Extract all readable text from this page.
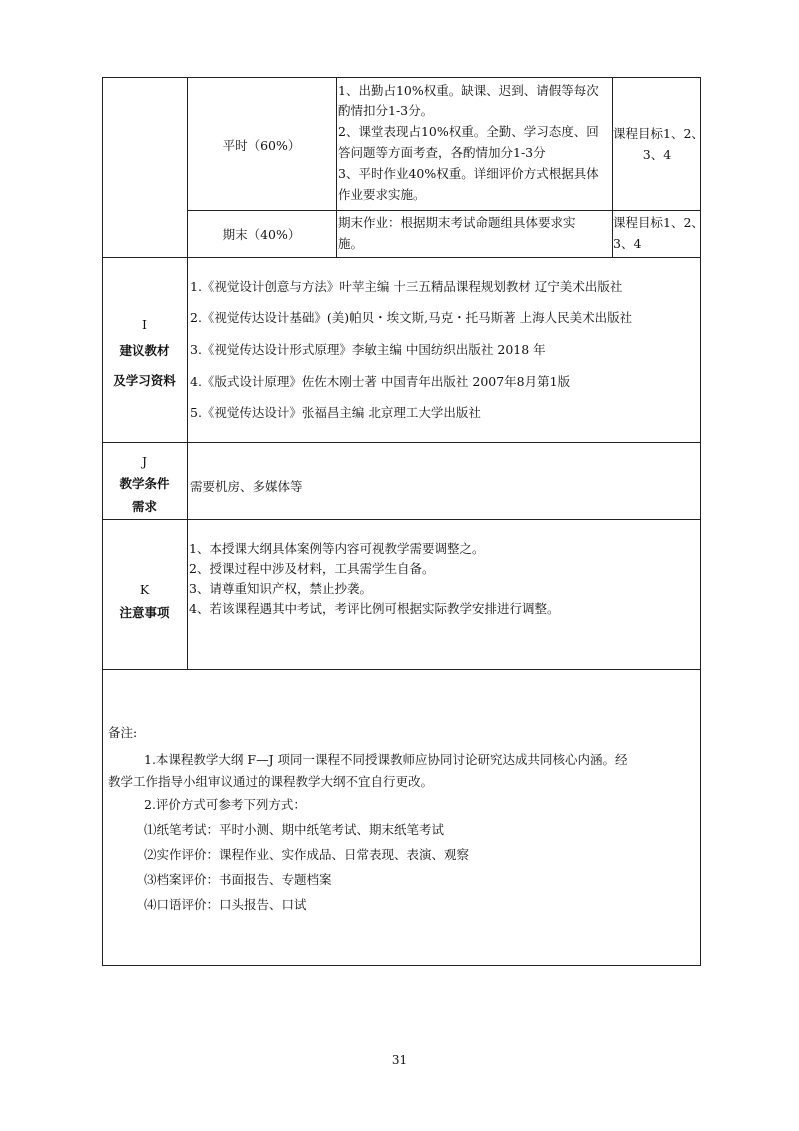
平时（60%）
1、出勤占10%权重。缺课、迟到、请假等每次
酌情扣分1-3分。
2、课堂表现占10%权重。全勤、学习态度、回
答问题等方面考查，各酌情加分1-3分
3、平时作业40%权重。详细评价方式根据具体
作业要求实施。
课程目标1、2、
3、4
期末（40%）
期末作业：根据期末考试命题组具体要求实
施。
课程目标1、2、
3、4
I
建议教材
及学习资料
1.《视觉设计创意与方法》叶苹主编 十三五精品课程规划教材 辽宁美术出版社
2.《视觉传达设计基础》(美)帕贝・埃文斯,马克・托马斯著 上海人民美术出版社
3.《视觉传达设计形式原理》李敏主编 中国纺织出版社 2018 年
4.《版式设计原理》佐佐木刚士著 中国青年出版社 2007年8月第1版
5.《视觉传达设计》张福昌主编 北京理工大学出版社
J
教学条件
需求
需要机房、多媒体等
K
注意事项
1、本授课大纲具体案例等内容可视教学需要调整之。
2、授课过程中涉及材料，工具需学生自备。
3、请尊重知识产权，禁止抄袭。
4、若该课程遇其中考试，考评比例可根据实际教学安排进行调整。
备注:
1.本课程教学大纲 F—J 项同一课程不同授课教师应协同讨论研究达成共同核心内涵。经
教学工作指导小组审议通过的课程教学大纲不宜自行更改。
2.评价方式可参考下列方式：
⑴纸笔考试：平时小测、期中纸笔考试、期末纸笔考试
⑵实作评价：课程作业、实作成品、日常表现、表演、观察
⑶档案评价：书面报告、专题档案
⑷口语评价：口头报告、口试
31
